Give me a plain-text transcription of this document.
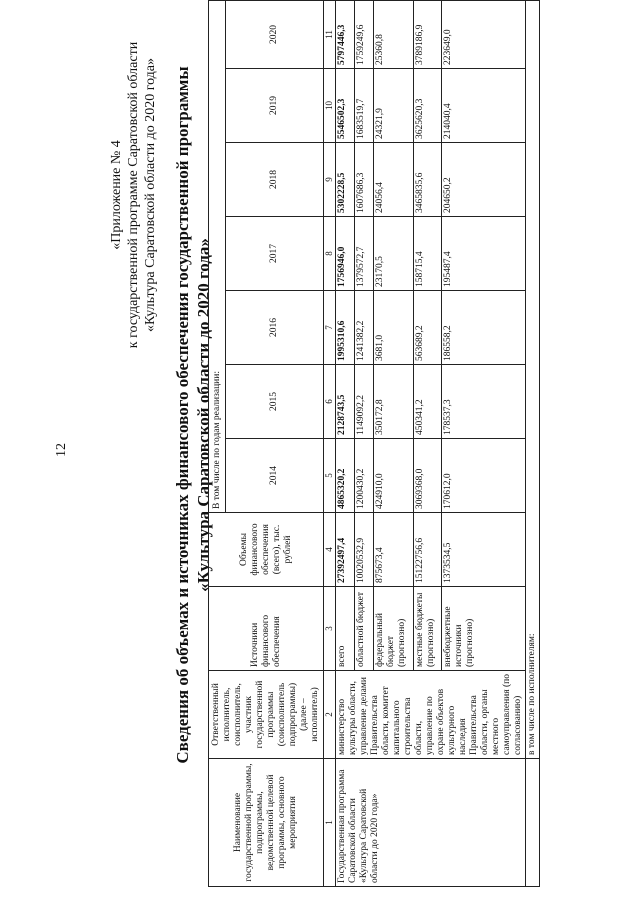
12
«Приложение № 4 к государственной программе Саратовской области «Культура Саратовской области до 2020 года» Сведения об объемах и источниках финансового обеспечения государственной программы «Культура Саратовской области до 2020 года»
Наименование государственной программы, подпрограммы, ведомственной целевой программы, основного мероприятия	Ответственный исполнитель, соисполнитель, участник государственной программы (соисполнитель подпрограммы) (далее – исполнитель)	Источники финансового обеспечения	Объемы финансового обеспечения (всего), тыс. рублей	В том числе по годам реализации:						
				2014	2015	2016	2017	2018	2019	2020
1	2	3	4	5	6	7	8	9	10	11
Государственная программа Саратовской области «Культура Саратовской области до 2020 года»	министерство культуры области, управление делами Правительства области, комитет капитального строительства области, управление по охране объектов культурного наследия Правительства области, органы местного самоуправления (по согласованию)	всего	27392497,4	4865320,2	2128743,5	1995310,6	1756946,0	5302228,5	5546502,3	5797446,3
		областной бюджет	10020532,9	1200430,2	1149092,2	1241382,2	1379572,7	1607686,3	1683519,7	1759249,6
		федеральный бюджет (прогнозно)	875673,4	424910,0	350172,8	3681,0	23170,5	24056,4	24321,9	25360,8
		местные бюджеты (прогнозно)	15122756,6	3069368,0	450341,2	563689,2	158715,4	3465835,6	3625620,3	3789186,9
		внебюджетные источники (прогнозно)	1373534,5	170612,0	178537,3	186558,2	195487,4	204650,2	214040,4	223649,0
	в том числе по исполнителям:									
